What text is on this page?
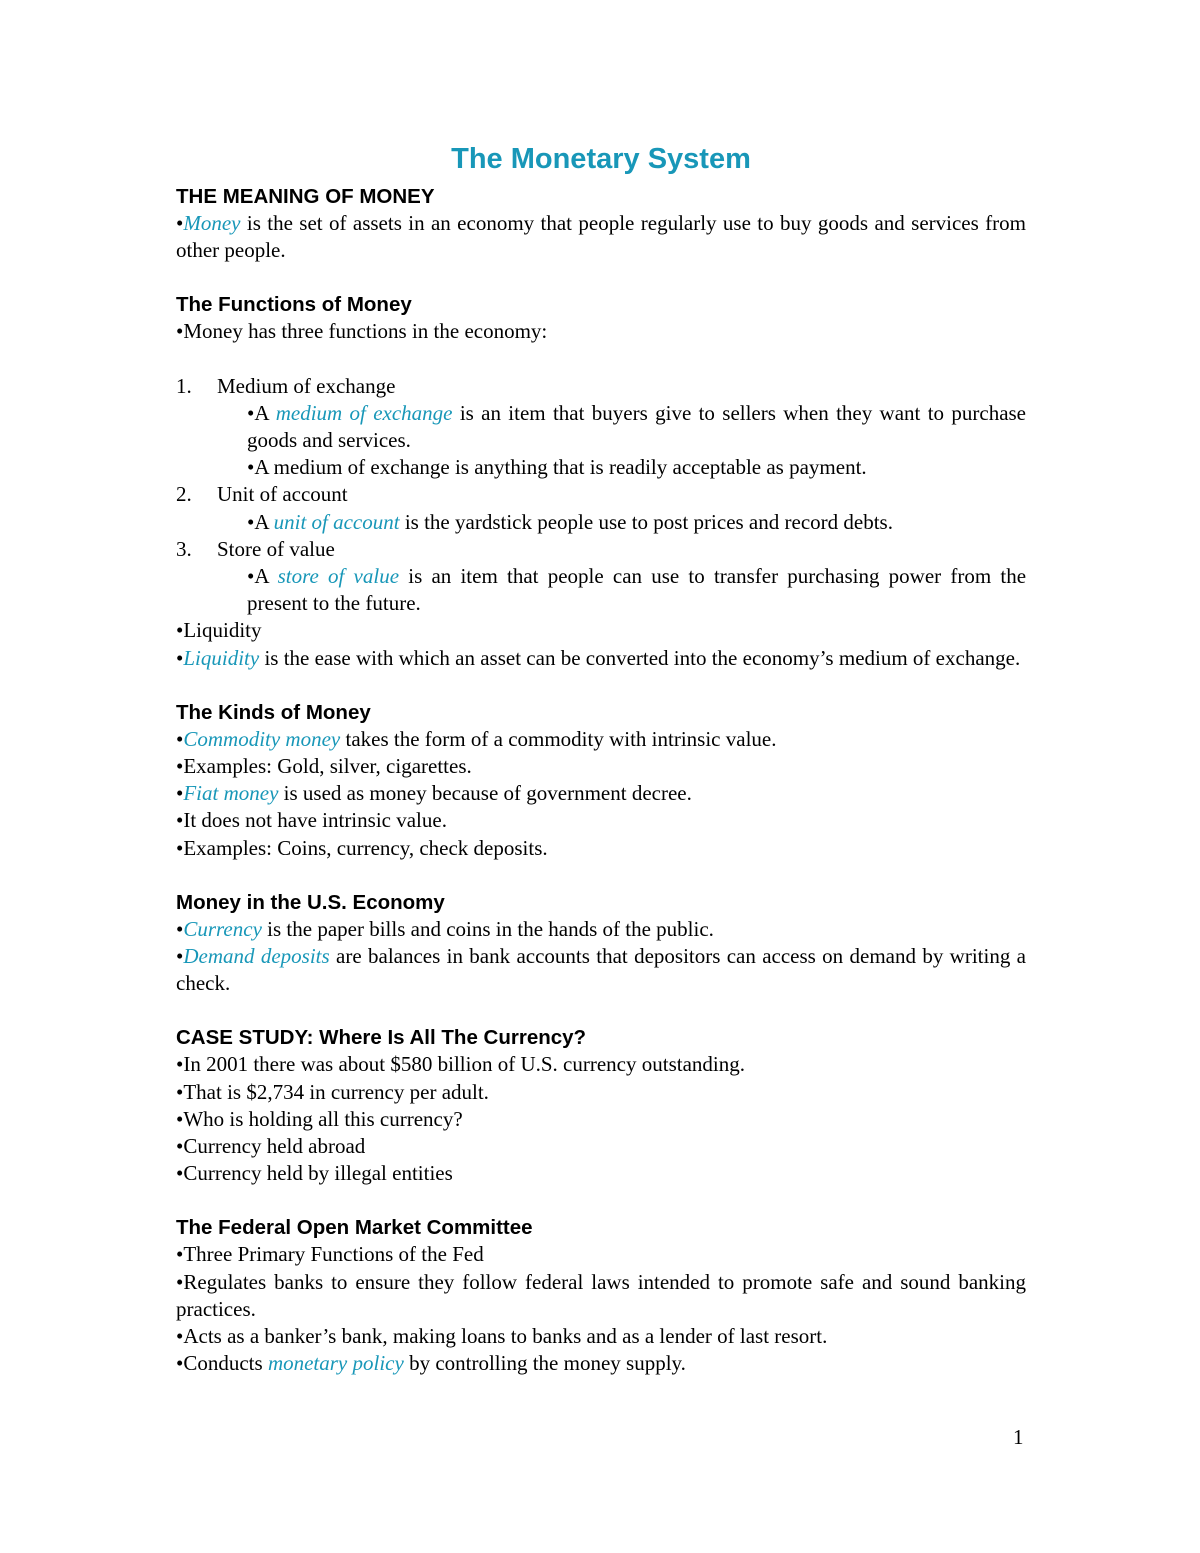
The Monetary System
THE MEANING OF MONEY

•Money is the set of assets in an economy that people regularly use to buy goods and services from other people.

The Functions of Money

•Money has three functions in the economy:

1.	Medium of exchange

•A medium of exchange is an item that buyers give to sellers when they want to purchase goods and services.

•A medium of exchange is anything that is readily acceptable as payment.

2.	Unit of account

•A unit of account is the yardstick people use to post prices and record debts.

3.	Store of value

•A store of value is an item that people can use to transfer purchasing power from the present to the future.

•Liquidity

•Liquidity is the ease with which an asset can be converted into the economy’s medium of exchange.

The Kinds of Money

•Commodity money takes the form of a commodity with intrinsic value.

•Examples: Gold, silver, cigarettes.

•Fiat money is used as money because of government decree.

•It does not have intrinsic value.

•Examples: Coins, currency, check deposits.

Money in the U.S. Economy

•Currency is the paper bills and coins in the hands of the public.

•Demand deposits are balances in bank accounts that depositors can access on demand by writing a check.

CASE STUDY: Where Is All The Currency?

•In 2001 there was about $580 billion of U.S. currency outstanding.

•That is $2,734 in currency per adult.

•Who is holding all this currency?

•Currency held abroad

•Currency held by illegal entities

The Federal Open Market Committee

•Three Primary Functions of the Fed

•Regulates banks to ensure they follow federal laws intended to promote safe and sound banking practices.

•Acts as a banker’s bank, making loans to banks and as a lender of last resort.

•Conducts monetary policy by controlling the money supply.

1
